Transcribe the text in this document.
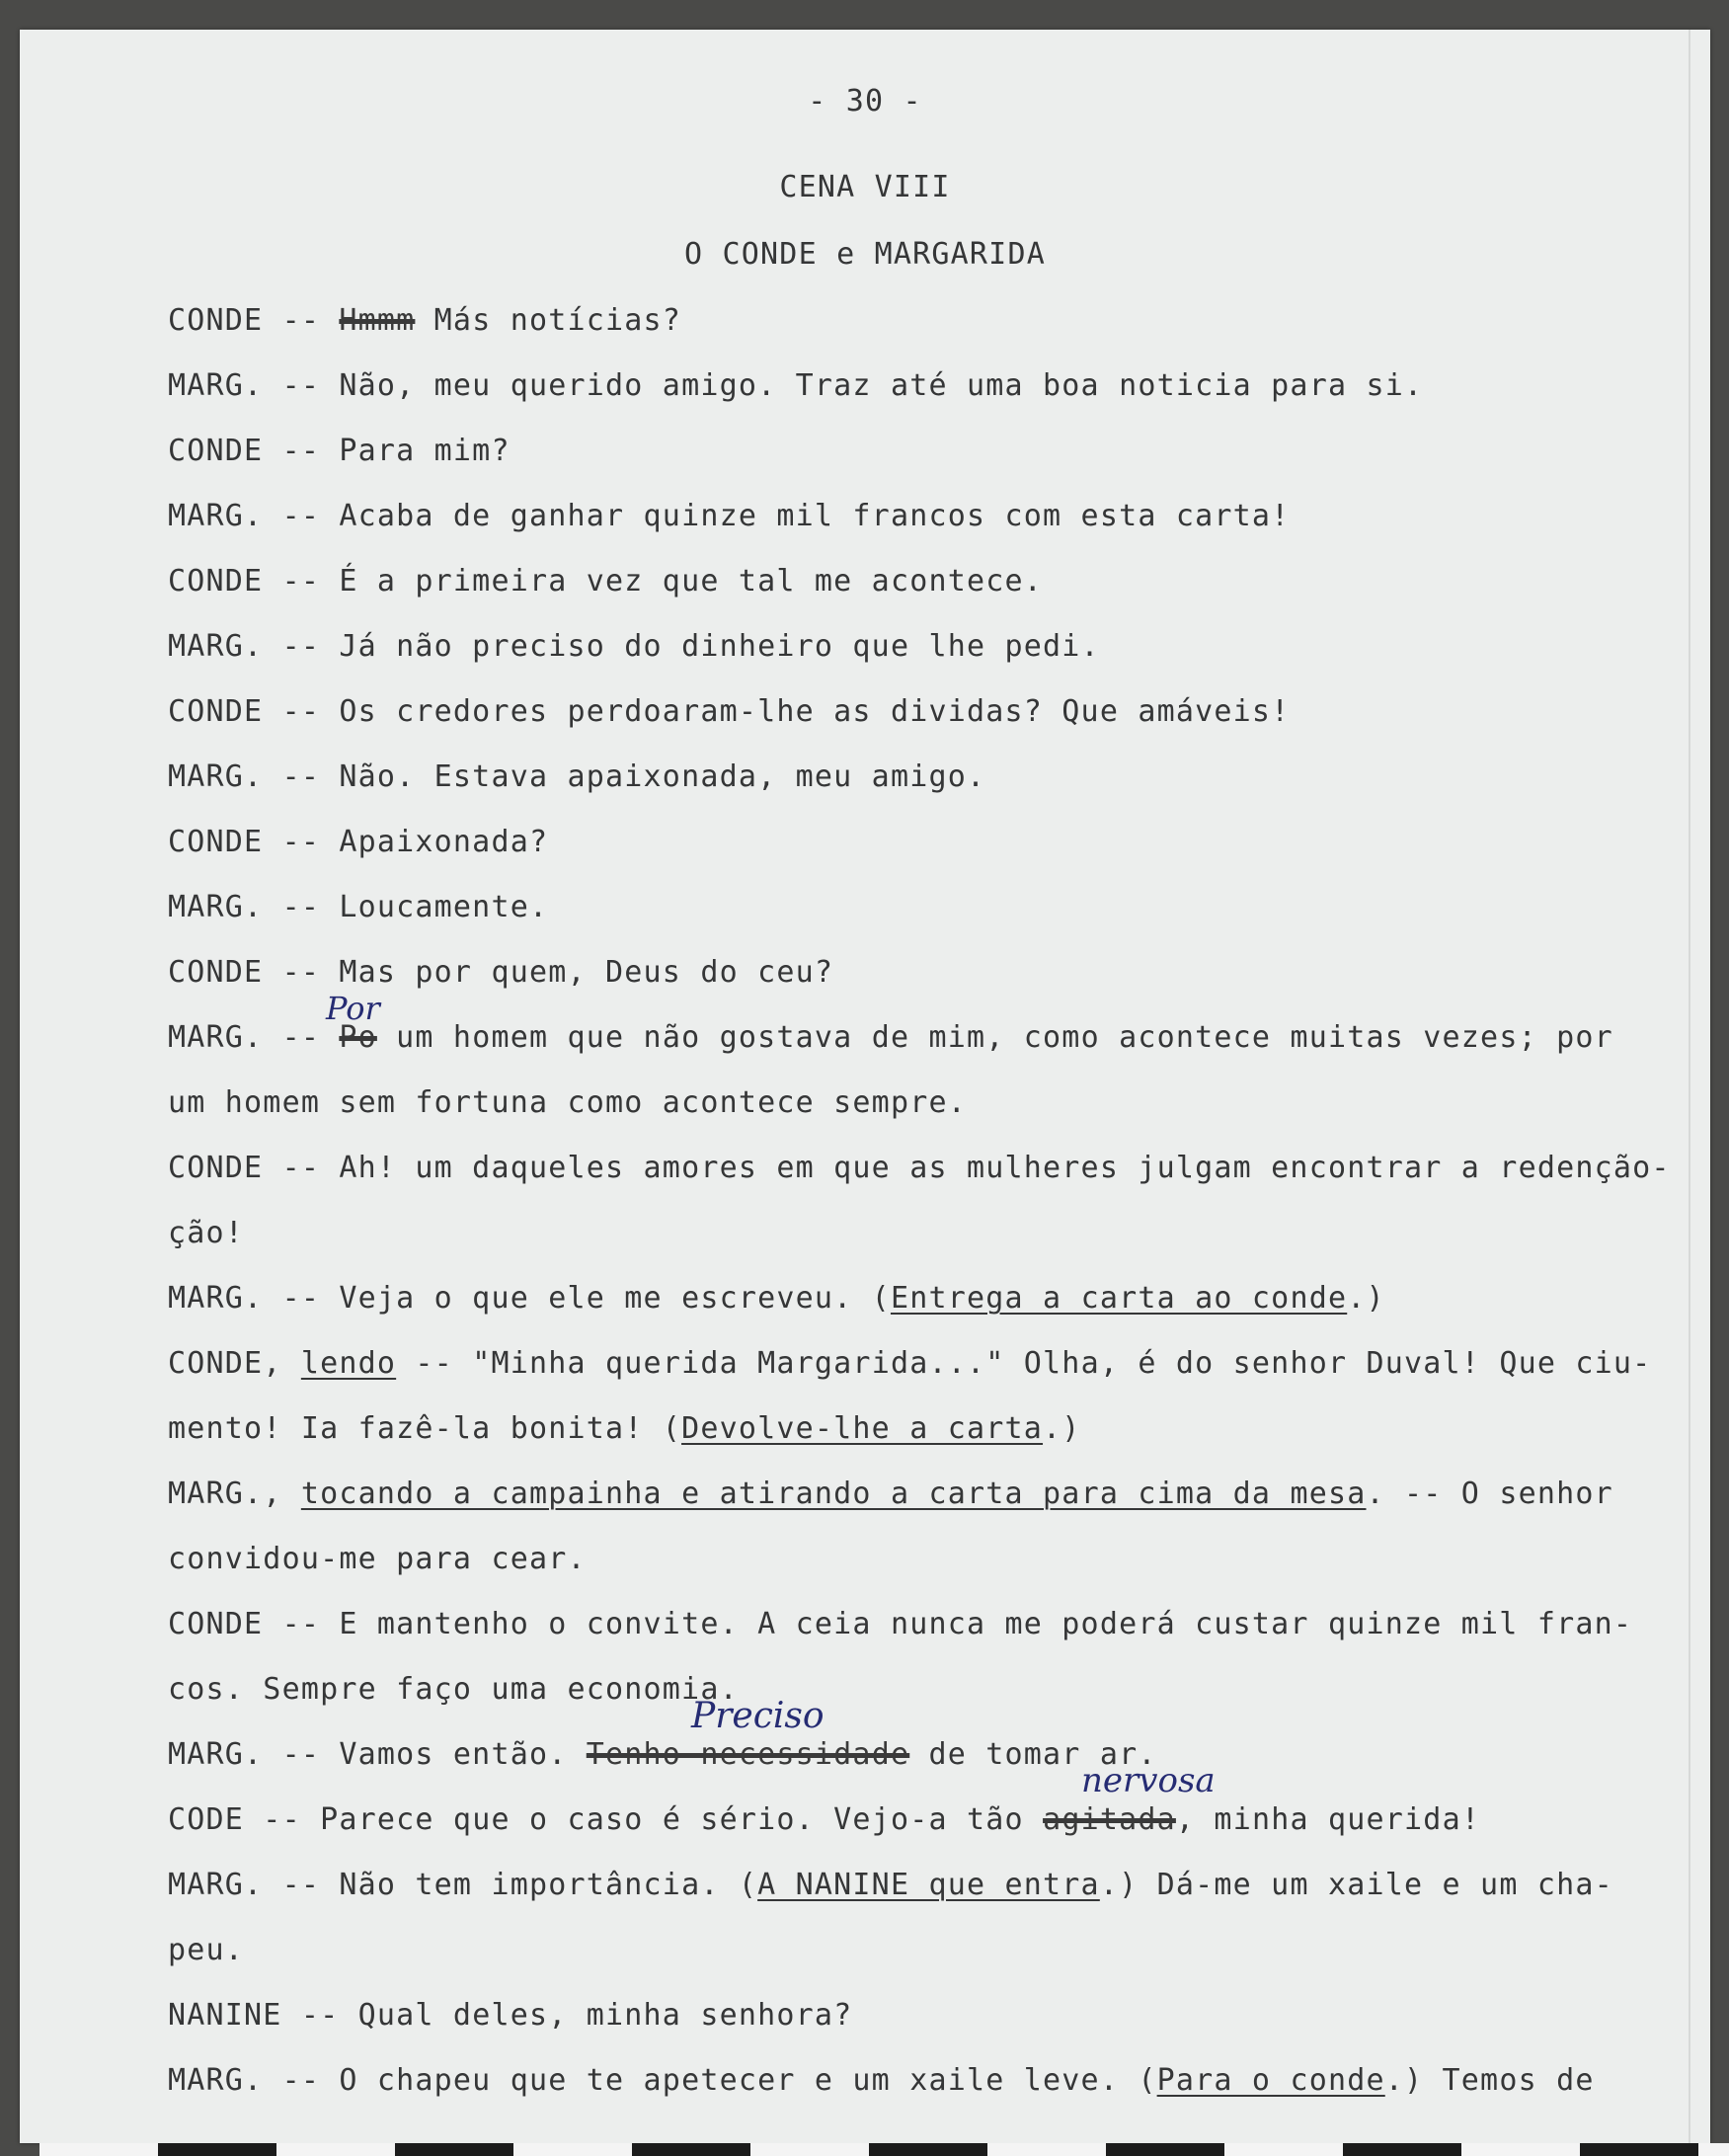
- 30 -
CENA VIII
O CONDE e MARGARIDA
CONDE -- Hmmm Más notícias?
MARG. -- Não, meu querido amigo. Traz até uma boa noticia para si.
CONDE -- Para mim?
MARG. -- Acaba de ganhar quinze mil francos com esta carta!
CONDE -- É a primeira vez que tal me acontece.
MARG. -- Já não preciso do dinheiro que lhe pedi.
CONDE -- Os credores perdoaram-lhe as dividas? Que amáveis!
MARG. -- Não. Estava apaixonada, meu amigo.
CONDE -- Apaixonada?
MARG. -- Loucamente.
CONDE -- Mas por quem, Deus do ceu?
MARG. -- Po um homem que não gostava de mim, como acontece muitas vezes; por
Por
um homem sem fortuna como acontece sempre.
CONDE -- Ah! um daqueles amores em que as mulheres julgam encontrar a redenção-
ção!
MARG. -- Veja o que ele me escreveu. (Entrega a carta ao conde.)
CONDE, lendo -- "Minha querida Margarida..." Olha, é do senhor Duval! Que ciu-
mento! Ia fazê-la bonita! (Devolve-lhe a carta.)
MARG., tocando a campainha e atirando a carta para cima da mesa. -- O senhor
convidou-me para cear.
CONDE -- E mantenho o convite. A ceia nunca me poderá custar quinze mil fran-
cos. Sempre faço uma economia.
MARG. -- Vamos então. Tenho necessidade de tomar ar.
Preciso
CODE -- Parece que o caso é sério. Vejo-a tão agitada, minha querida!
nervosa
MARG. -- Não tem importância. (A NANINE que entra.) Dá-me um xaile e um cha-
peu.
NANINE -- Qual deles, minha senhora?
MARG. -- O chapeu que te apetecer e um xaile leve. (Para o conde.) Temos de
